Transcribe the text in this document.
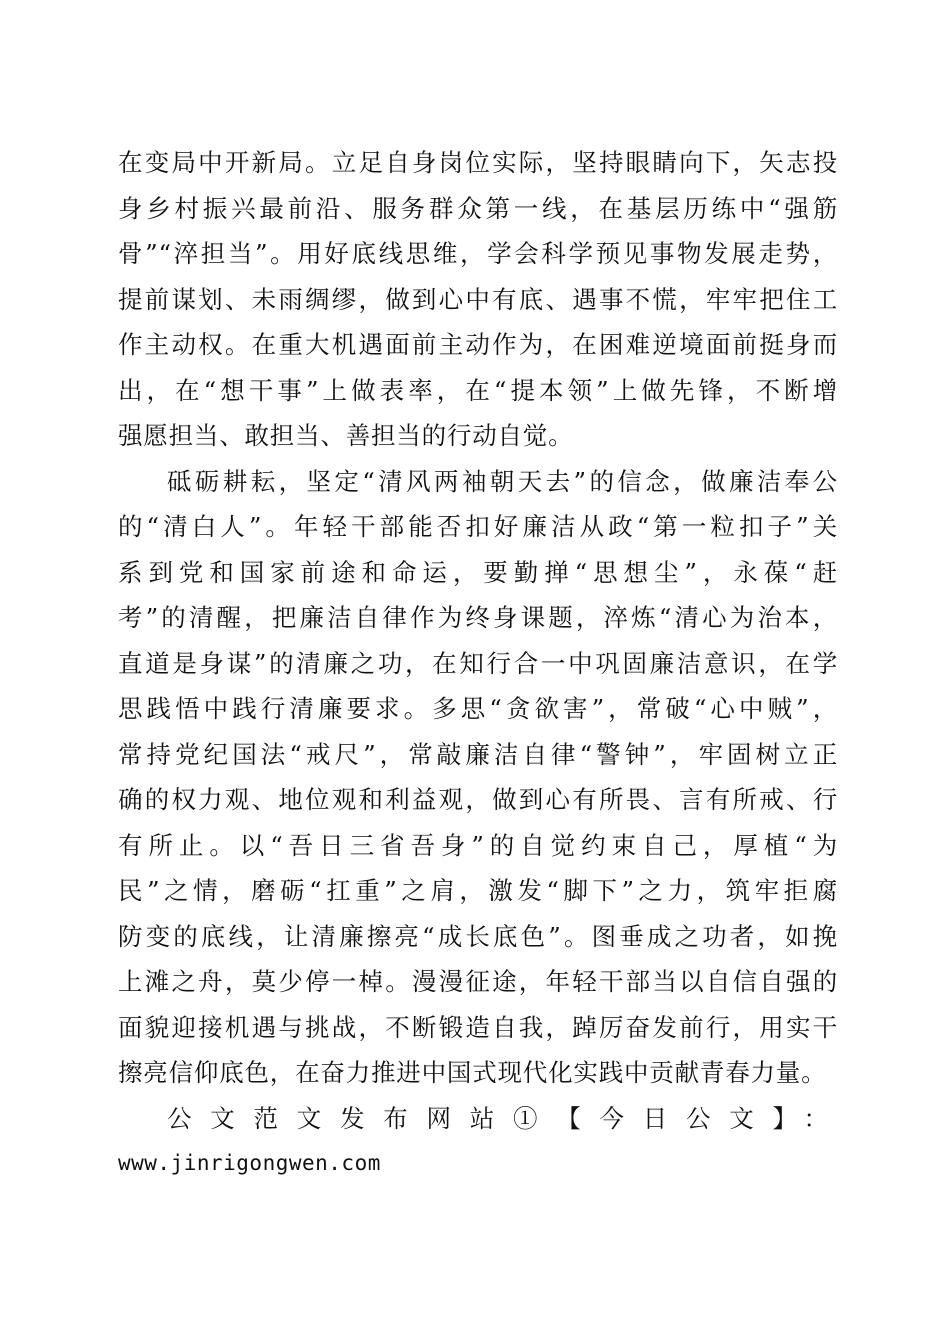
在变局中开新局。立足自身岗位实际，坚持眼睛向下，矢志投
身乡村振兴最前沿、服务群众第一线，在基层历练中“强筋
骨”“淬担当”。用好底线思维，学会科学预见事物发展走势，
提前谋划、未雨绸缪，做到心中有底、遇事不慌，牢牢把住工
作主动权。在重大机遇面前主动作为，在困难逆境面前挺身而
出，在“想干事”上做表率，在“提本领”上做先锋，不断增
强愿担当、敢担当、善担当的行动自觉。
砥砺耕耘，坚定“清风两袖朝天去”的信念，做廉洁奉公
的“清白人”。年轻干部能否扣好廉洁从政“第一粒扣子”关
系到党和国家前途和命运，要勤掸“思想尘”，永葆“赶
考”的清醒，把廉洁自律作为终身课题，淬炼“清心为治本，
直道是身谋”的清廉之功，在知行合一中巩固廉洁意识，在学
思践悟中践行清廉要求。多思“贪欲害”，常破“心中贼”，
常持党纪国法“戒尺”，常敲廉洁自律“警钟”，牢固树立正
确的权力观、地位观和利益观，做到心有所畏、言有所戒、行
有所止。以“吾日三省吾身”的自觉约束自己，厚植“为
民”之情，磨砺“扛重”之肩，激发“脚下”之力，筑牢拒腐
防变的底线，让清廉擦亮“成长底色”。图垂成之功者，如挽
上滩之舟，莫少停一棹。漫漫征途，年轻干部当以自信自强的
面貌迎接机遇与挑战，不断锻造自我，踔厉奋发前行，用实干
擦亮信仰底色，在奋力推进中国式现代化实践中贡献青春力量。
公文范文发布网站①【今日公文】：
www.jinrigongwen.com
